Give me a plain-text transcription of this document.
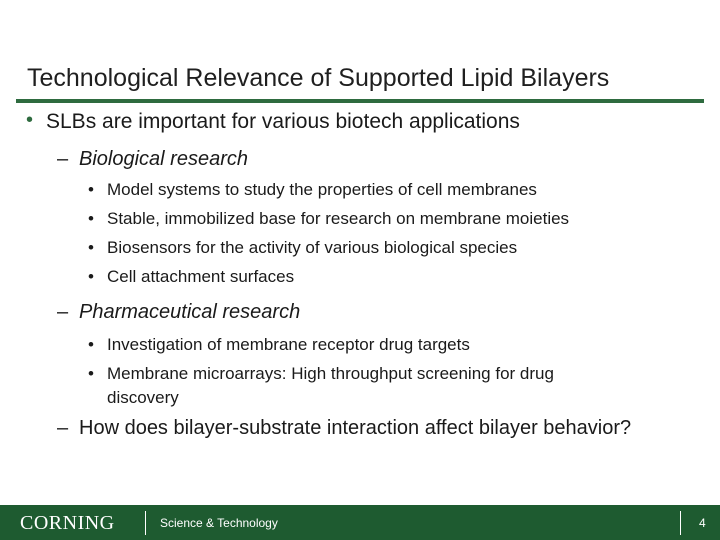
Technological Relevance of Supported Lipid Bilayers
• SLBs are important for various biotech applications
– Biological research
• Model systems to study the properties of cell membranes
• Stable, immobilized base for research on membrane moieties
• Biosensors for the activity of various biological species
• Cell attachment surfaces
– Pharmaceutical research
• Investigation of membrane receptor drug targets
• Membrane microarrays: High throughput screening for drug
discovery
– How does bilayer-substrate interaction affect bilayer behavior?
CORNING	Science & Technology	4
